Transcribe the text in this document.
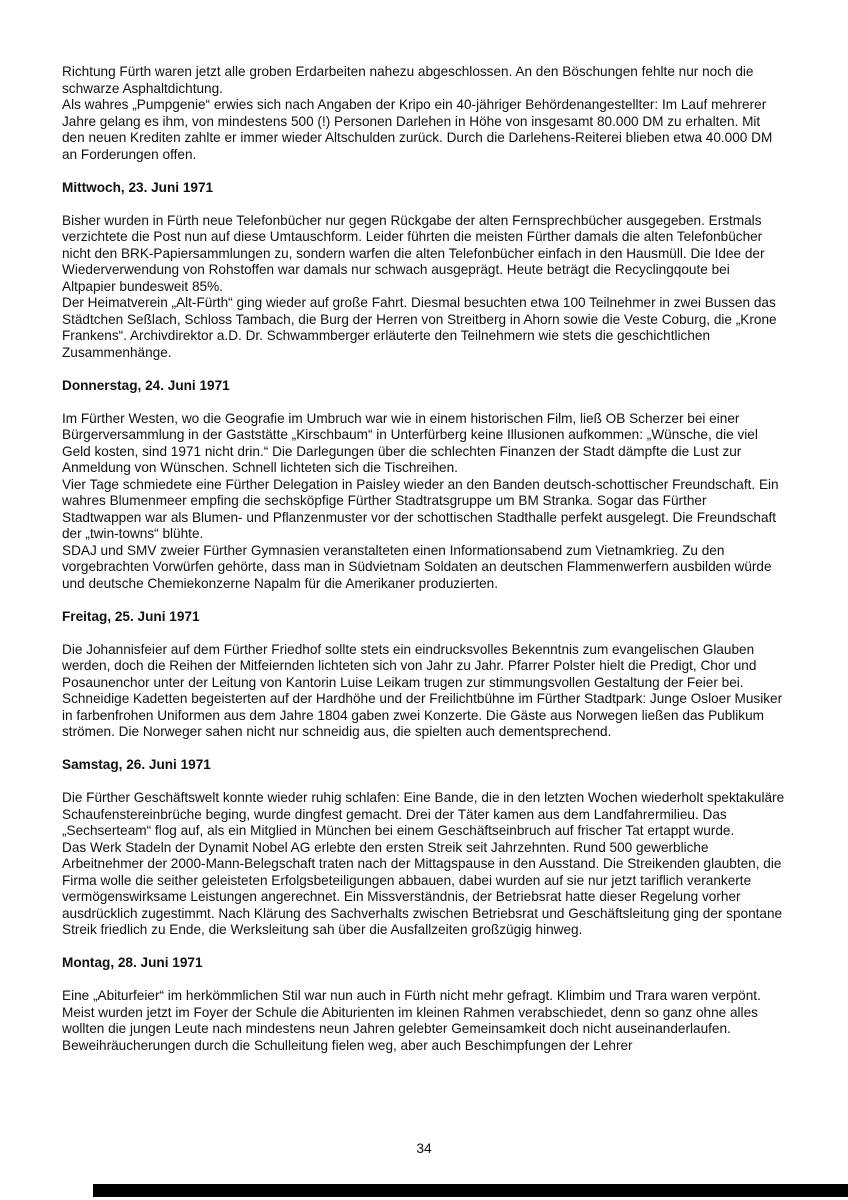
Richtung Fürth waren jetzt alle groben Erdarbeiten nahezu abgeschlossen. An den Böschungen fehlte nur noch die schwarze Asphaltdichtung.

Als wahres „Pumpgenie“ erwies sich nach Angaben der Kripo ein 40-jähriger Behördenangestellter: Im Lauf mehrerer Jahre gelang es ihm, von mindestens 500 (!) Personen Darlehen in Höhe von insgesamt 80.000 DM zu erhalten. Mit den neuen Krediten zahlte er immer wieder Altschulden zurück. Durch die Darlehens-Reiterei blieben etwa 40.000 DM an Forderungen offen.

Mittwoch, 23. Juni 1971

Bisher wurden in Fürth neue Telefonbücher nur gegen Rückgabe der alten Fernsprechbücher ausgegeben. Erstmals verzichtete die Post nun auf diese Umtauschform. Leider führten die meisten Fürther damals die alten Telefonbücher nicht den BRK-Papiersammlungen zu, sondern warfen die alten Telefonbücher einfach in den Hausmüll. Die Idee der Wiederverwendung von Rohstoffen war damals nur schwach ausgeprägt. Heute beträgt die Recyclingqoute bei Altpapier bundesweit 85%.

Der Heimatverein „Alt-Fürth“ ging wieder auf große Fahrt. Diesmal besuchten etwa 100 Teilnehmer in zwei Bussen das Städtchen Seßlach, Schloss Tambach, die Burg der Herren von Streitberg in Ahorn sowie die Veste Coburg, die „Krone Frankens“. Archivdirektor a.D. Dr. Schwammberger erläuterte den Teilnehmern wie stets die geschichtlichen Zusammenhänge.

Donnerstag, 24. Juni 1971

Im Fürther Westen, wo die Geografie im Umbruch war wie in einem historischen Film, ließ OB Scherzer bei einer Bürgerversammlung in der Gaststätte „Kirschbaum“ in Unterfürberg keine Illusionen aufkommen: „Wünsche, die viel Geld kosten, sind 1971 nicht drin.“ Die Darlegungen über die schlechten Finanzen der Stadt dämpfte die Lust zur Anmeldung von Wünschen. Schnell lichteten sich die Tischreihen.

Vier Tage schmiedete eine Fürther Delegation in Paisley wieder an den Banden deutsch-schottischer Freundschaft. Ein wahres Blumenmeer empfing die sechsköpfige Fürther Stadtratsgruppe um BM Stranka. Sogar das Fürther Stadtwappen war als Blumen- und Pflanzenmuster vor der schottischen Stadthalle perfekt ausgelegt. Die Freundschaft der „twin-towns“ blühte.

SDAJ und SMV zweier Fürther Gymnasien veranstalteten einen Informationsabend zum Vietnamkrieg. Zu den vorgebrachten Vorwürfen gehörte, dass man in Südvietnam Soldaten an deutschen Flammenwerfern ausbilden würde und deutsche Chemiekonzerne Napalm für die Amerikaner produzierten.

Freitag, 25. Juni 1971

Die Johannisfeier auf dem Fürther Friedhof sollte stets ein eindrucksvolles Bekenntnis zum evangelischen Glauben werden, doch die Reihen der Mitfeiernden lichteten sich von Jahr zu Jahr. Pfarrer Polster hielt die Predigt, Chor und Posaunenchor unter der Leitung von Kantorin Luise Leikam trugen zur stimmungsvollen Gestaltung der Feier bei.

Schneidige Kadetten begeisterten auf der Hardhöhe und der Freilichtbühne im Fürther Stadtpark: Junge Osloer Musiker in farbenfrohen Uniformen aus dem Jahre 1804 gaben zwei Konzerte. Die Gäste aus Norwegen ließen das Publikum strömen. Die Norweger sahen nicht nur schneidig aus, die spielten auch dementsprechend.

Samstag, 26. Juni 1971

Die Fürther Geschäftswelt konnte wieder ruhig schlafen: Eine Bande, die in den letzten Wochen wiederholt spektakuläre Schaufenstereinbrüche beging, wurde dingfest gemacht. Drei der Täter kamen aus dem Landfahrermilieu. Das „Sechserteam“ flog auf, als ein Mitglied in München bei einem Geschäftseinbruch auf frischer Tat ertappt wurde.

Das Werk Stadeln der Dynamit Nobel AG erlebte den ersten Streik seit Jahrzehnten. Rund 500 gewerbliche Arbeitnehmer der 2000-Mann-Belegschaft traten nach der Mittagspause in den Ausstand. Die Streikenden glaubten, die Firma wolle die seither geleisteten Erfolgsbeteiligungen abbauen, dabei wurden auf sie nur jetzt tariflich verankerte vermögenswirksame Leistungen angerechnet. Ein Missverständnis, der Betriebsrat hatte dieser Regelung vorher ausdrücklich zugestimmt. Nach Klärung des Sachverhalts zwischen Betriebsrat und Geschäftsleitung ging der spontane Streik friedlich zu Ende, die Werksleitung sah über die Ausfallzeiten großzügig hinweg.

Montag, 28. Juni 1971

Eine „Abiturfeier“ im herkömmlichen Stil war nun auch in Fürth nicht mehr gefragt. Klimbim und Trara waren verpönt. Meist wurden jetzt im Foyer der Schule die Abiturienten im kleinen Rahmen verabschiedet, denn so ganz ohne alles wollten die jungen Leute nach mindestens neun Jahren gelebter Gemeinsamkeit doch nicht auseinanderlaufen. Beweihräucherungen durch die Schulleitung fielen weg, aber auch Beschimpfungen der Lehrer

34
